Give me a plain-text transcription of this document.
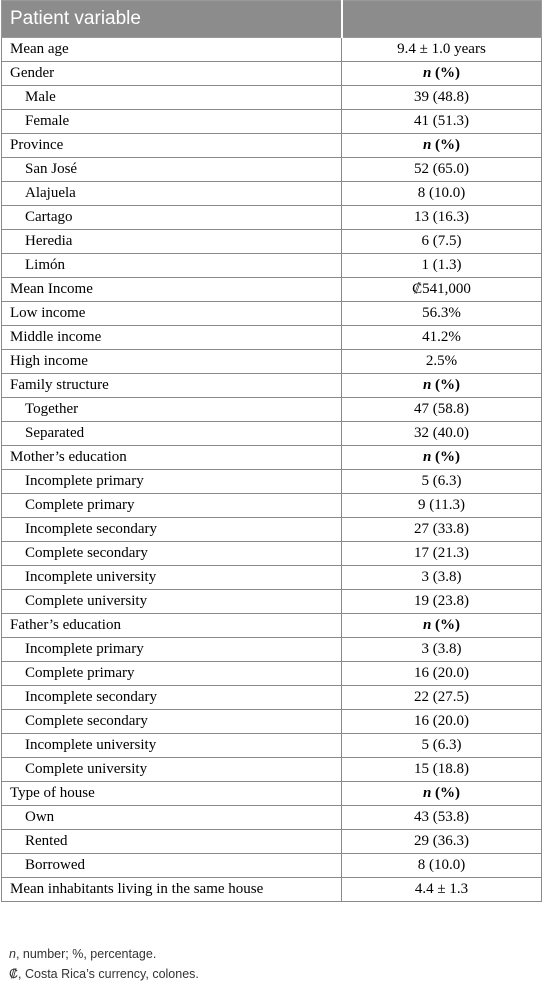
Patient variable	
Mean age	9.4 ± 1.0 years
Gender	n (%)
Male	39 (48.8)
Female	41 (51.3)
Province	n (%)
San José	52 (65.0)
Alajuela	8 (10.0)
Cartago	13 (16.3)
Heredia	6 (7.5)
Limón	1 (1.3)
Mean Income	₡541,000
Low income	56.3%
Middle income	41.2%
High income	2.5%
Family structure	n (%)
Together	47 (58.8)
Separated	32 (40.0)
Mother’s education	n (%)
Incomplete primary	5 (6.3)
Complete primary	9 (11.3)
Incomplete secondary	27 (33.8)
Complete secondary	17 (21.3)
Incomplete university	3 (3.8)
Complete university	19 (23.8)
Father’s education	n (%)
Incomplete primary	3 (3.8)
Complete primary	16 (20.0)
Incomplete secondary	22 (27.5)
Complete secondary	16 (20.0)
Incomplete university	5 (6.3)
Complete university	15 (18.8)
Type of house	n (%)
Own	43 (53.8)
Rented	29 (36.3)
Borrowed	8 (10.0)
Mean inhabitants living in the same house	4.4 ± 1.3
n, number; %, percentage.
₡, Costa Rica’s currency, colones.
